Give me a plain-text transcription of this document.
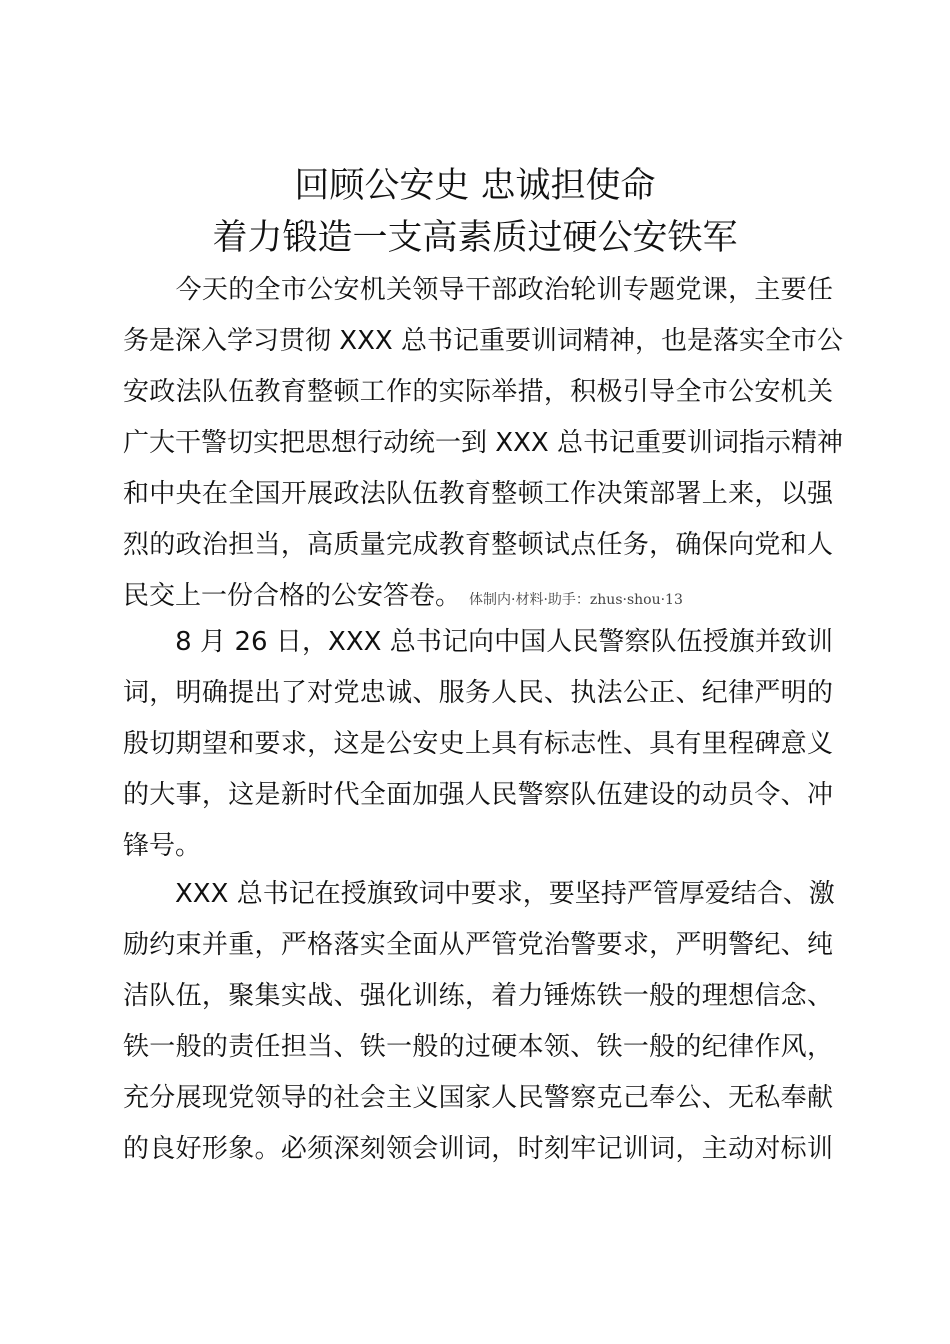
回顾公安史 忠诚担使命
着力锻造一支高素质过硬公安铁军
　　今天的全市公安机关领导干部政治轮训专题党课，主要任
务是深入学习贯彻 XXX 总书记重要训词精神，也是落实全市公
安政法队伍教育整顿工作的实际举措，积极引导全市公安机关
广大干警切实把思想行动统一到 XXX 总书记重要训词指示精神
和中央在全国开展政法队伍教育整顿工作决策部署上来，以强
烈的政治担当，高质量完成教育整顿试点任务，确保向党和人
民交上一份合格的公安答卷。 体制内·材料·助手：zhus·shou·13
　　8 月 26 日，XXX 总书记向中国人民警察队伍授旗并致训
词，明确提出了对党忠诚、服务人民、执法公正、纪律严明的
殷切期望和要求，这是公安史上具有标志性、具有里程碑意义
的大事，这是新时代全面加强人民警察队伍建设的动员令、冲
锋号。
　　XXX 总书记在授旗致词中要求，要坚持严管厚爱结合、激
励约束并重，严格落实全面从严管党治警要求，严明警纪、纯
洁队伍，聚集实战、强化训练，着力锤炼铁一般的理想信念、
铁一般的责任担当、铁一般的过硬本领、铁一般的纪律作风，
充分展现党领导的社会主义国家人民警察克己奉公、无私奉献
的良好形象。必须深刻领会训词，时刻牢记训词，主动对标训
